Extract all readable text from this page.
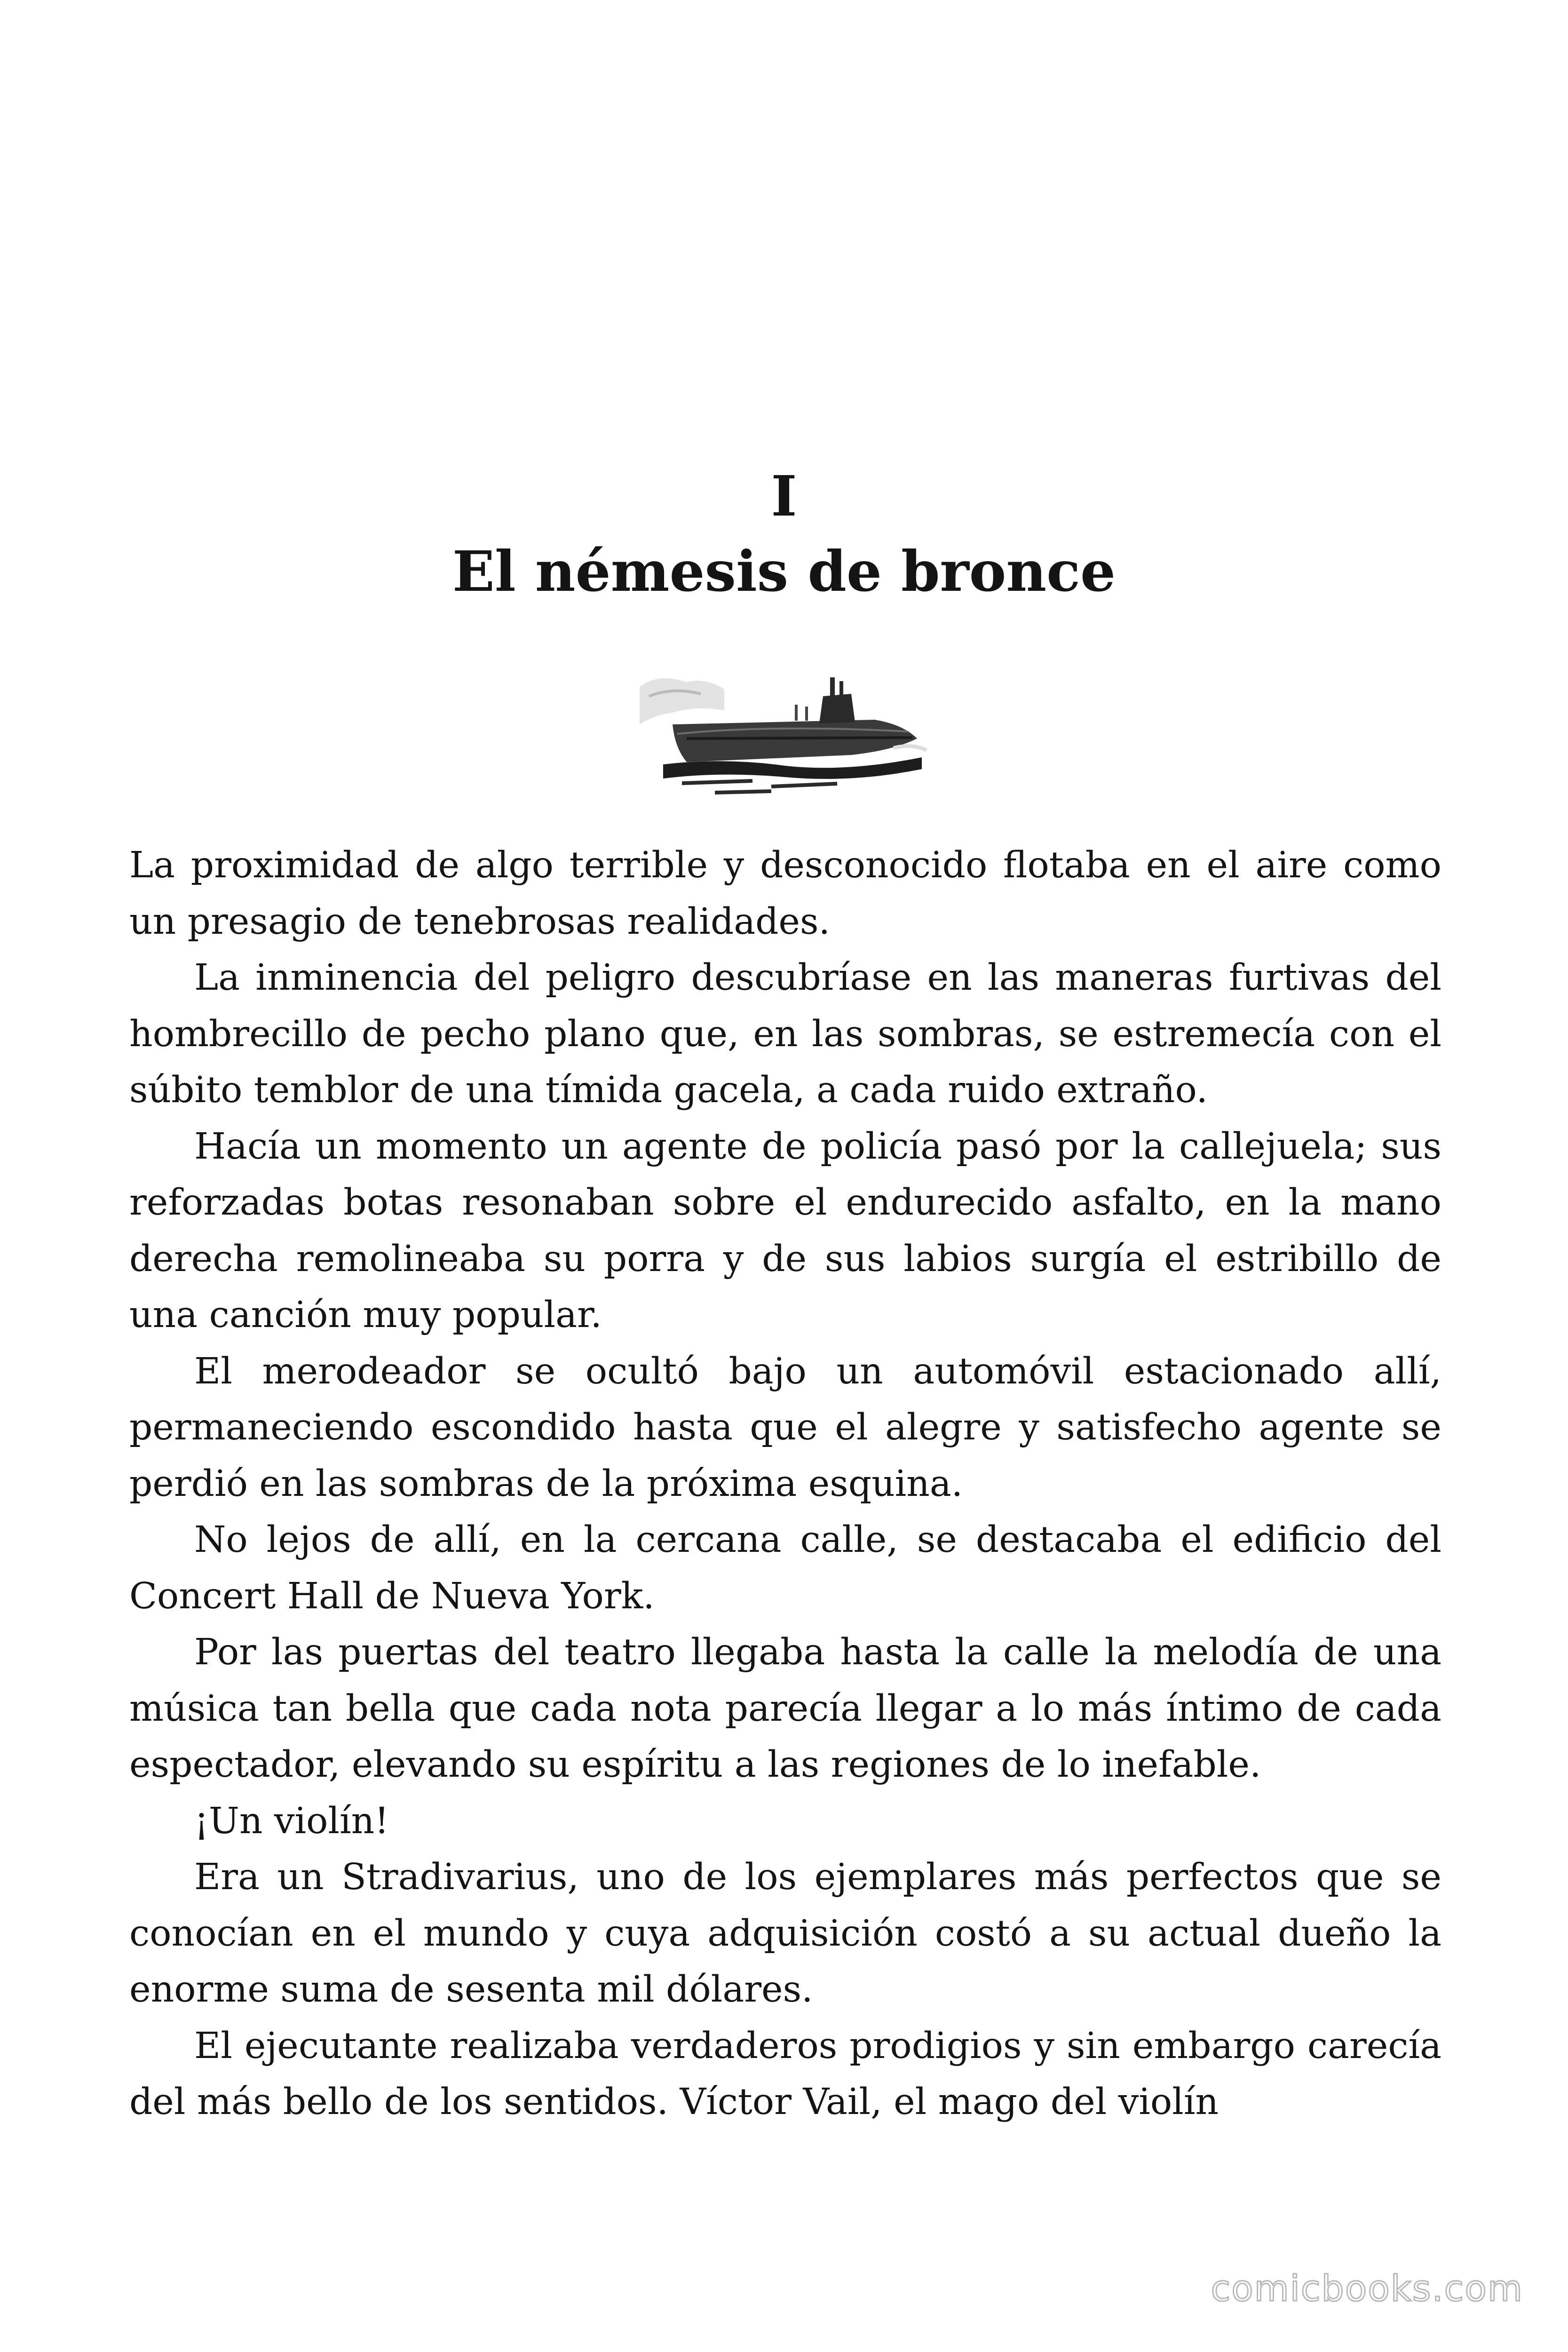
I
El némesis de bronce

La proximidad de algo terrible y desconocido flotaba en el aire como un presagio de tenebrosas realidades.

La inminencia del peligro descubríase en las maneras furtivas del hombrecillo de pecho plano que, en las sombras, se estremecía con el súbito temblor de una tímida gacela, a cada ruido extraño.

Hacía un momento un agente de policía pasó por la callejuela; sus reforzadas botas resonaban sobre el endurecido asfalto, en la mano derecha remolineaba su porra y de sus labios surgía el estribillo de una canción muy popular.

El merodeador se ocultó bajo un automóvil estacionado allí, permaneciendo escondido hasta que el alegre y satisfecho agente se perdió en las sombras de la próxima esquina.

No lejos de allí, en la cercana calle, se destacaba el edificio del Concert Hall de Nueva York.

Por las puertas del teatro llegaba hasta la calle la melodía de una música tan bella que cada nota parecía llegar a lo más íntimo de cada espectador, elevando su espíritu a las regiones de lo inefable.

¡Un violín!

Era un Stradivarius, uno de los ejemplares más perfectos que se conocían en el mundo y cuya adquisición costó a su actual dueño la enorme suma de sesenta mil dólares.

El ejecutante realizaba verdaderos prodigios y sin embargo carecía del más bello de los sentidos. Víctor Vail, el mago del violín

comicbooks.com
